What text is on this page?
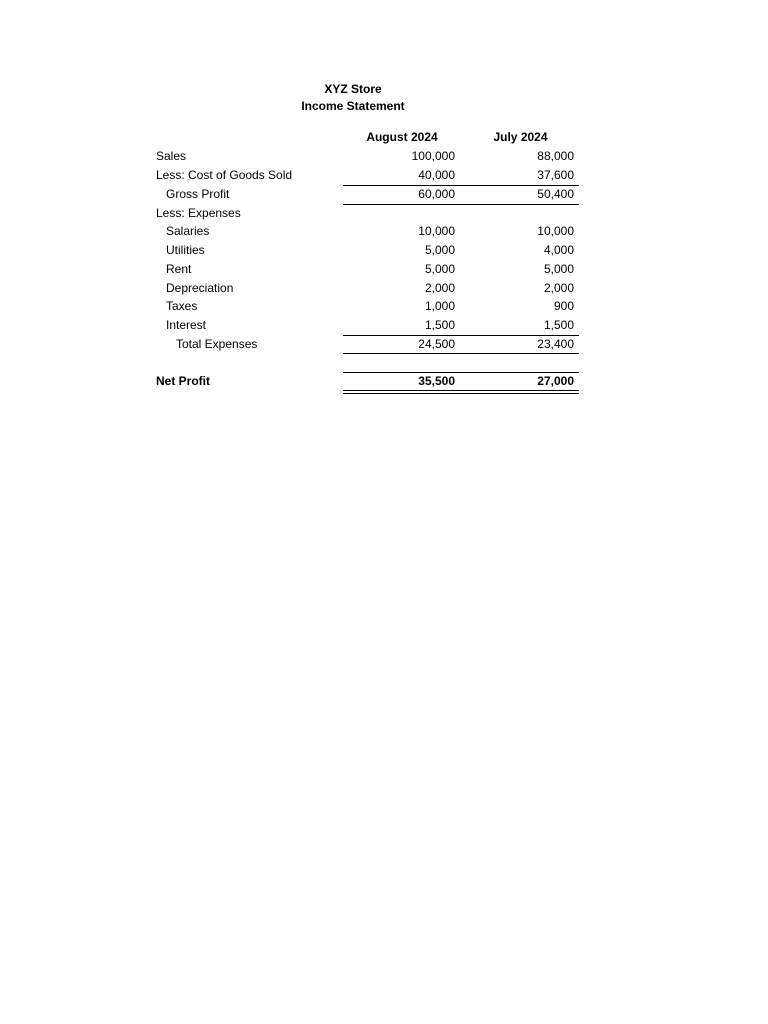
XYZ Store
Income Statement
August 2024	July 2024
Sales	100,000	88,000
Less: Cost of Goods Sold	40,000	37,600
Gross Profit	60,000	50,400
Less: Expenses
Salaries	10,000	10,000
Utilities	5,000	4,000
Rent	5,000	5,000
Depreciation	2,000	2,000
Taxes	1,000	900
Interest	1,500	1,500
Total Expenses	24,500	23,400
Net Profit	35,500	27,000
